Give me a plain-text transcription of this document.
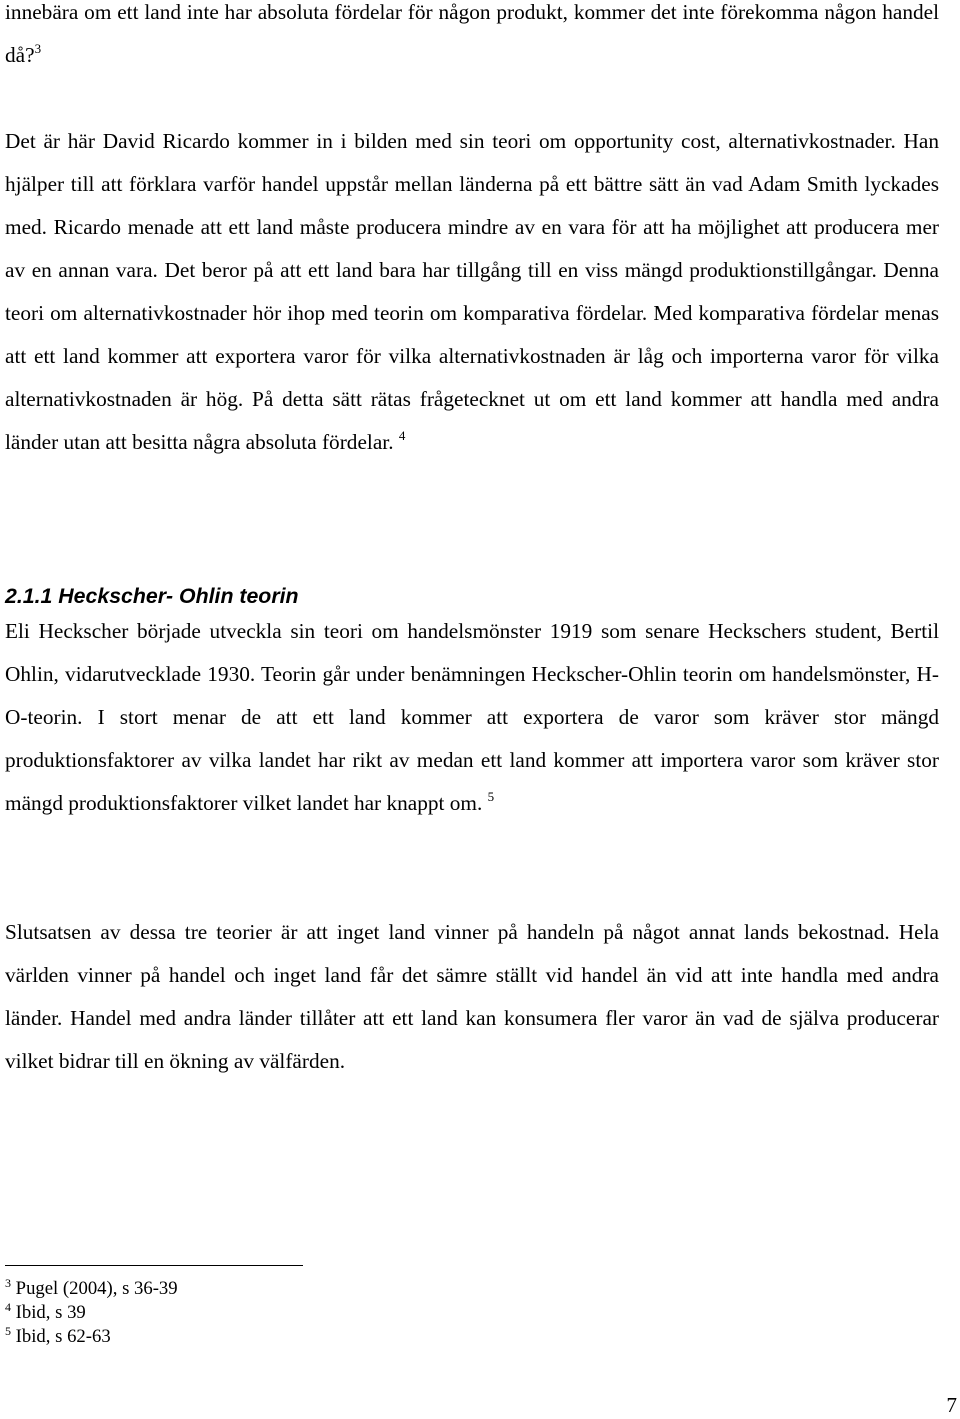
innebära om ett land inte har absoluta fördelar för någon produkt, kommer det inte förekomma någon handel då?$^3$

Det är här David Ricardo kommer in i bilden med sin teori om opportunity cost, alternativkostnader. Han hjälper till att förklara varför handel uppstår mellan länderna på ett bättre sätt än vad Adam Smith lyckades med. Ricardo menade att ett land måste producera mindre av en vara för att ha möjlighet att producera mer av en annan vara. Det beror på att ett land bara har tillgång till en viss mängd produktionstillgångar. Denna teori om alternativkostnader hör ihop med teorin om komparativa fördelar. Med komparativa fördelar menas att ett land kommer att exportera varor för vilka alternativkostnaden är låg och importerna varor för vilka alternativkostnaden är hög. På detta sätt rätas frågetecknet ut om ett land kommer att handla med andra länder utan att besitta några absoluta fördelar. $^4$

2.1.1 Heckscher- Ohlin teorin

Eli Heckscher började utveckla sin teori om handelsmönster 1919 som senare Heckschers student, Bertil Ohlin, vidarutvecklade 1930. Teorin går under benämningen Heckscher-Ohlin teorin om handelsmönster, H-O-teorin. I stort menar de att ett land kommer att exportera de varor som kräver stor mängd produktionsfaktorer av vilka landet har rikt av medan ett land kommer att importera varor som kräver stor mängd produktionsfaktorer vilket landet har knappt om. $^5$

Slutsatsen av dessa tre teorier är att inget land vinner på handeln på något annat lands bekostnad. Hela världen vinner på handel och inget land får det sämre ställt vid handel än vid att inte handla med andra länder. Handel med andra länder tillåter att ett land kan konsumera fler varor än vad de själva producerar vilket bidrar till en ökning av välfärden.

$^3$ Pugel (2004), s 36-39
$^4$ Ibid, s 39
$^5$ Ibid, s 62-63
7
